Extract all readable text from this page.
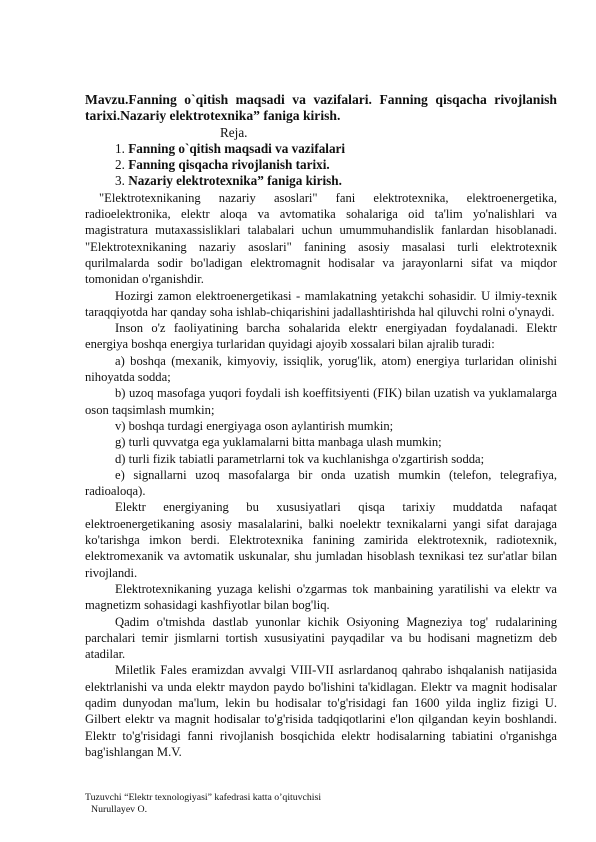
Mavzu.Fanning o`qitish maqsadi va vazifalari. Fanning qisqacha rivojlanish tarixi.Nazariy elektrotexnika” faniga kirish.

Reja.

1. Fanning o`qitish maqsadi va vazifalari
2. Fanning qisqacha rivojlanish tarixi.
3. Nazariy elektrotexnika” faniga kirish.

"Elektrotexnikaning nazariy asoslari" fani elektrotexnika, elektroenergetika, radioelektronika, elektr aloqa va avtomatika sohalariga oid ta'lim yo'nalishlari va magistratura mutaxassisliklari talabalari uchun umummuhandislik fanlardan hisoblanadi. "Elektrotexnikaning nazariy asoslari" fanining asosiy masalasi turli elektrotexnik qurilmalarda sodir bo'ladigan elektromagnit hodisalar va jarayonlarni sifat va miqdor tomonidan o'rganishdir.

Hozirgi zamon elektroenergetikasi - mamlakatning yetakchi sohasidir. U ilmiy-texnik taraqqiyotda har qanday soha ishlab-chiqarishini jadallashtirishda hal qiluvchi rolni o'ynaydi.

Inson o'z faoliyatining barcha sohalarida elektr energiyadan foydalanadi. Elektr energiya boshqa energiya turlaridan quyidagi ajoyib xossalari bilan ajralib turadi:

a) boshqa (mexanik, kimyoviy, issiqlik, yorug'lik, atom) energiya turlaridan olinishi nihoyatda sodda;

b) uzoq masofaga yuqori foydali ish koeffitsiyenti (FIK) bilan uzatish va yuklamalarga oson taqsimlash mumkin;

v) boshqa turdagi energiyaga oson aylantirish mumkin;

g) turli quvvatga ega yuklamalarni bitta manbaga ulash mumkin;

d) turli fizik tabiatli parametrlarni tok va kuchlanishga o'zgartirish sodda;

e) signallarni uzoq masofalarga bir onda uzatish mumkin (telefon, telegrafiya, radioaloqa).

Elektr energiyaning bu xususiyatlari qisqa tarixiy muddatda nafaqat elektroenergetikaning asosiy masalalarini, balki noelektr texnikalarni yangi sifat darajaga ko'tarishga imkon berdi. Elektrotexnika fanining zamirida elektrotexnik, radiotexnik, elektromexanik va avtomatik uskunalar, shu jumladan hisoblash texnikasi tez sur'atlar bilan rivojlandi.

Elektrotexnikaning yuzaga kelishi o'zgarmas tok manbaining yaratilishi va elektr va magnetizm sohasidagi kashfiyotlar bilan bog'liq.

Qadim o'tmishda dastlab yunonlar kichik Osiyoning Magneziya tog' rudalarining parchalari temir jismlarni tortish xususiyatini payqadilar va bu hodisani magnetizm deb atadilar.

Miletlik Fales eramizdan avvalgi VIII-VII asrlardanoq qahrabo ishqalanish natijasida elektrlanishi va unda elektr maydon paydo bo'lishini ta'kidlagan. Elektr va magnit hodisalar qadim dunyodan ma'lum, lekin bu hodisalar to'g'risidagi fan 1600 yilda ingliz fizigi U. Gilbert elektr va magnit hodisalar to'g'risida tadqiqotlarini e'lon qilgandan keyin boshlandi. Elektr to'g'risidagi fanni rivojlanish bosqichida elektr hodisalarning tabiatini o'rganishga bag'ishlangan M.V.

Tuzuvchi “Elektr texnologiyasi” kafedrasi katta o’qituvchisi
Nurullayev O.
